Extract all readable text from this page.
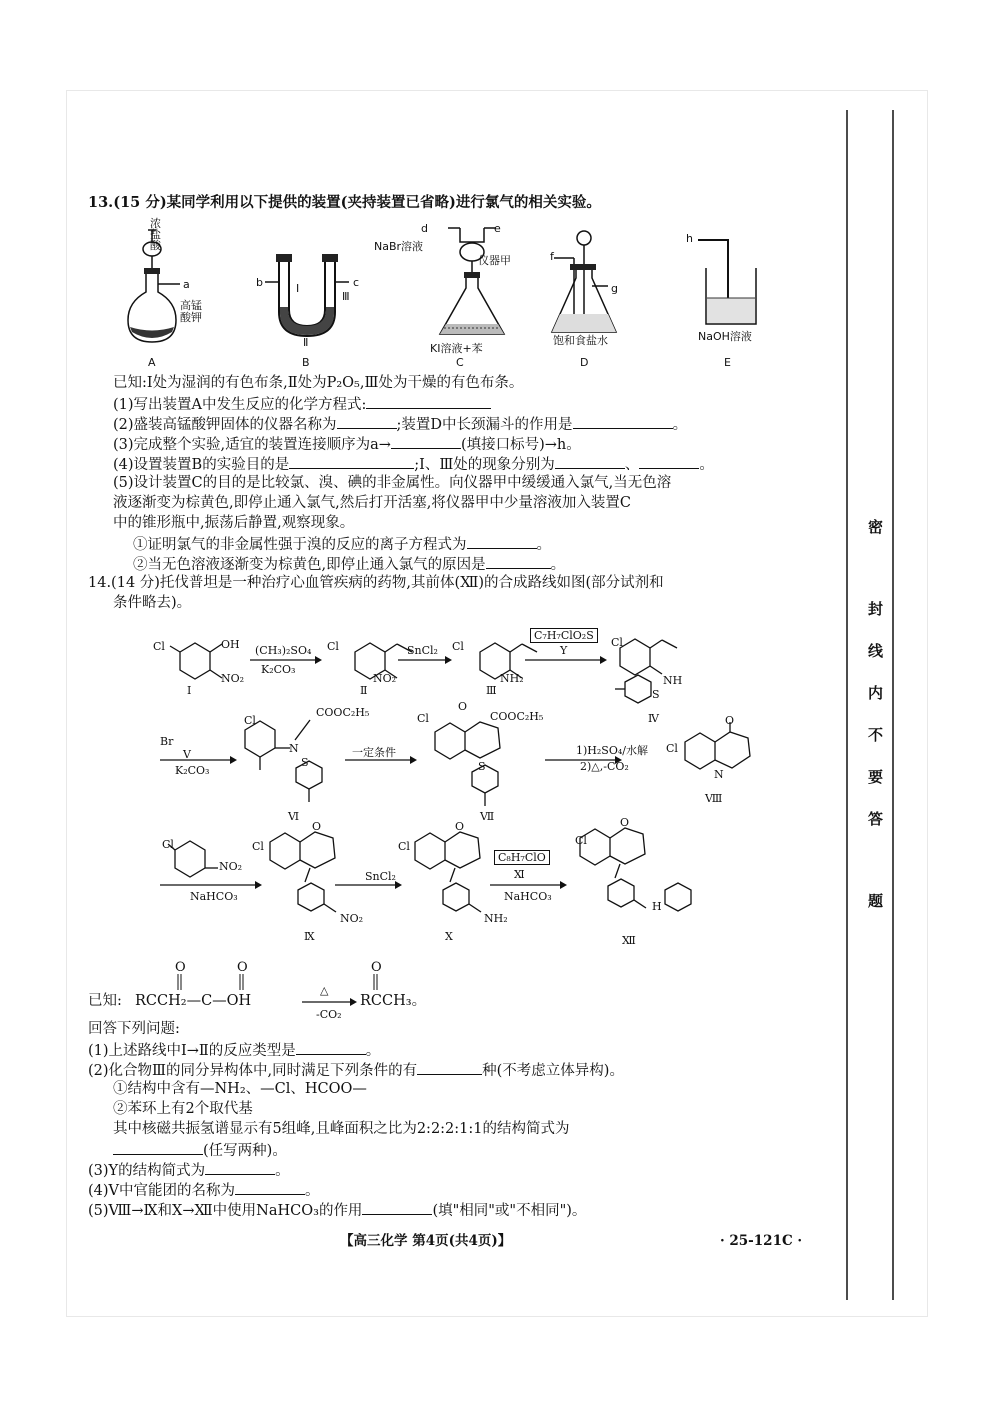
13.(15 分)某同学利用以下提供的装置(夹持装置已省略)进行氯气的相关实验。
浓盐酸
a
高锰酸钾
A
b	Ⅰ
Ⅲ
c
Ⅱ
B
d	e
NaBr溶液
仪器甲
KI溶液+苯
C
f
g
饱和食盐水
D
h
NaOH溶液
E
已知:Ⅰ处为湿润的有色布条,Ⅱ处为P₂O₅,Ⅲ处为干燥的有色布条。
(1)写出装置A中发生反应的化学方程式:
(2)盛装高锰酸钾固体的仪器名称为	;装置D中长颈漏斗的作用是	。
(3)完成整个实验,适宜的装置连接顺序为a→	(填接口标号)→h。
(4)设置装置B的实验目的是	;Ⅰ、Ⅲ处的现象分别为	、	。
(5)设计装置C的目的是比较氯、溴、碘的非金属性。向仪器甲中缓缓通入氯气,当无色溶
液逐渐变为棕黄色,即停止通入氯气,然后打开活塞,将仪器甲中少量溶液加入装置C
中的锥形瓶中,振荡后静置,观察现象。
①证明氯气的非金属性强于溴的反应的离子方程式为	。
②当无色溶液逐渐变为棕黄色,即停止通入氯气的原因是	。
14.(14 分)托伐普坦是一种治疗心血管疾病的药物,其前体(Ⅻ)的合成路线如图(部分试剂和
条件略去)。
Cl	OH
NO₂
Ⅰ
(CH₃)₂SO₄
K₂CO₃
Cl
NO₂
Ⅱ
SnCl₂ Cl
NH₂
Ⅲ
C₇H₇ClO₂S
Y
Cl
NH
S
Ⅳ
Br
V
K₂CO₃
Cl
COOC₂H₅
N
S
Ⅵ
一定条件
Cl	COOC₂H₅
O
S
Ⅶ
1)H₂SO₄/水解
2)△,-CO₂
Cl
O
N
Ⅷ
Cl
NO₂
NaHCO₃
Cl
O
NO₂
Ⅸ
SnCl₂
Cl
O
NH₂
Ⅹ
C₈H₇ClO
Ⅺ
NaHCO₃
Cl
O
H
Ⅻ
已知:
O	O	O
RCCH₂—C—OH
△
-CO₂
RCCH₃。
回答下列问题:
(1)上述路线中Ⅰ→Ⅱ的反应类型是	。
(2)化合物Ⅲ的同分异构体中,同时满足下列条件的有	种(不考虑立体异构)。
①结构中含有—NH₂、—Cl、HCOO—
②苯环上有2个取代基
其中核磁共振氢谱显示有5组峰,且峰面积之比为2:2:2:1:1的结构简式为
(任写两种)。
(3)Y的结构简式为	。
(4)Ⅴ中官能团的名称为	。
(5)Ⅷ→Ⅸ和Ⅹ→Ⅻ中使用NaHCO₃的作用	(填"相同"或"不相同")。
【高三化学 第4页(共4页)】	· 25-121C ·
密
封
线
内
不
要
答
题
